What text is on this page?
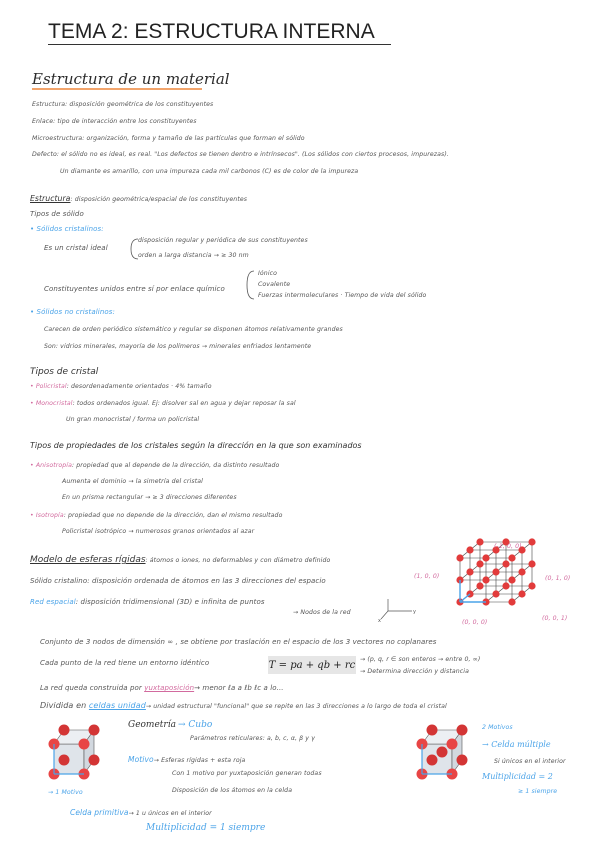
TEMA 2: ESTRUCTURA INTERNA
Estructura de un material
Estructura: disposición geométrica de los constituyentes
Enlace: tipo de interacción entre los constituyentes
Microestructura: organización, forma y tamaño de las partículas que forman el sólido
Defecto: el sólido no es ideal, es real. "Los defectos se tienen dentro e intrínsecos". (Los sólidos con ciertos procesos, impurezas).
Un diamante es amarillo, con una impureza cada mil carbonos (C) es de color de la impureza
Estructura: disposición geométrica/espacial de los constituyentes
Tipos de sólido
• Sólidos cristalinos:
Es un cristal ideal
disposición regular y periódica de sus constituyentes
orden a larga distancia → ≥ 30 nm
Constituyentes unidos entre sí por enlace químico
Iónico
Covalente
Fuerzas intermoleculares · Tiempo de vida del sólido
• Sólidos no cristalinos:
Carecen de orden periódico sistemático y regular se disponen átomos relativamente grandes
Son: vidrios minerales, mayoría de los polímeros → minerales enfriados lentamente
Tipos de cristal
• Policristal: desordenadamente orientados · 4% tamaño
• Monocristal: todos ordenados igual. Ej: disolver sal en agua y dejar reposar la sal
Un gran monocristal / forma un policristal
Tipos de propiedades de los cristales según la dirección en la que son examinados
• Anisotropía: propiedad que al depende de la dirección, da distinto resultado
Aumenta el dominio → la simetría del cristal
En un prisma rectangular → ≥ 3 direcciones diferentes
• Isotropía: propiedad que no depende de la dirección, dan el mismo resultado
Policristal isotrópico → numerosos granos orientados al azar
Modelo de esferas rígidas: átomos o iones, no deformables y con diámetro definido
Sólido cristalino: disposición ordenada de átomos en las 3 direcciones del espacio
Red espacial: disposición tridimensional (3D) e infinita de puntos
→ Nodos de la red
x
y
(-1, 0, 0)
(1, 0, 0)	(0, 1, 0)
(0, 0, 1)
(0, 0, 0)
Conjunto de 3 nodos de dimensión ∞ , se obtiene por traslación en el espacio de los 3 vectores no coplanares
Cada punto de la red tiene un entorno idéntico	T = pa + qb + rc → (p, q, r ∈ son enteros → entre 0, ∞)
→ Determina dirección y distancia
La red queda construida por yuxtaposición→ menor ℓa a ℓb ℓc a lo...
Dividida en celdas unidad→ unidad estructural "funcional" que se repite en las 3 direcciones a lo largo de toda el cristal
→ 1 Motivo
Geometría → Cubo
Parámetros reticulares: a, b, c, α, β y γ
Motivo→ Esferas rígidas + esta roja
Con 1 motivo por yuxtaposición generan todas
Disposición de los átomos en la celda
Celda primitiva→ 1 u únicos en el interior
Multiplicidad = 1 siempre
2 Motivos
→ Celda múltiple
Si únicos en el interior
Multiplicidad = 2
≥ 1 siempre
